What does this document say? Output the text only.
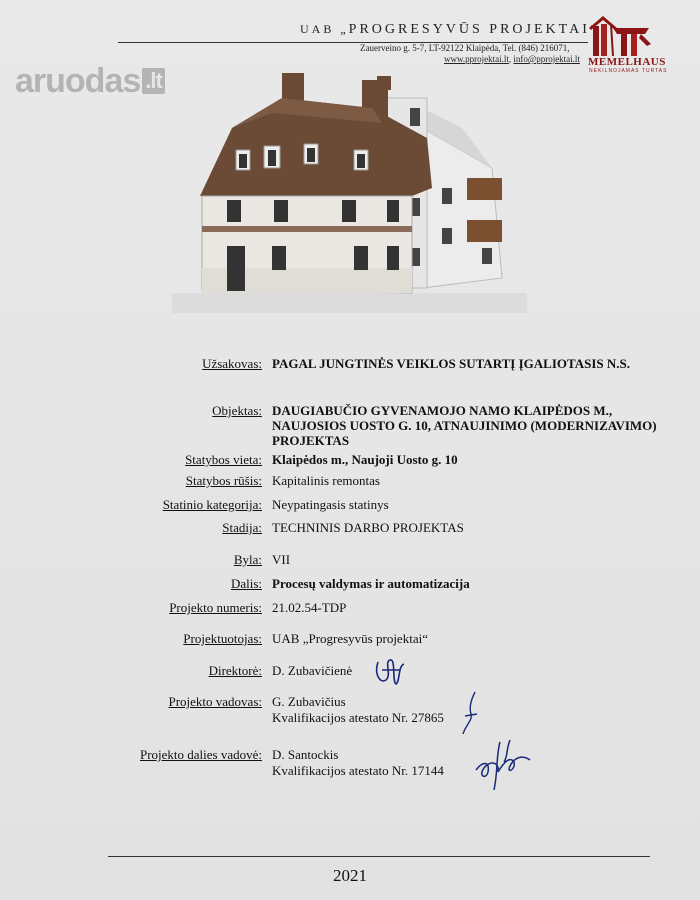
UAB „PROGRESYVŪS PROJEKTAI
Zauerveino g. 5-7, LT-92122 Klaipėda, Tel. (846) 216071,
www.pprojektai.lt, info@pprojektai.lt MEMELHAUS
NEKILNOJAMAS TURTAS
aruodas .lt
Užsakovas: PAGAL JUNGTINĖS VEIKLOS SUTARTĮ ĮGALIOTASIS N.S.
Objektas: DAUGIABUČIO GYVENAMOJO NAMO KLAIPĖDOS M., NAUJOSIOS UOSTO G. 10, ATNAUJINIMO (MODERNIZAVIMO) PROJEKTAS
Statybos vieta: Klaipėdos m., Naujoji Uosto g. 10
Statybos rūšis: Kapitalinis remontas
Statinio kategorija: Neypatingasis statinys
Stadija: TECHNINIS DARBO PROJEKTAS
Byla: VII
Dalis: Procesų valdymas ir automatizacija
Projekto numeris: 21.02.54-TDP
Projektuotojas: UAB „Progresyvūs projektai“
Direktorė: D. Zubavičienė
Projekto vadovas: G. Zubavičius
Kvalifikacijos atestato Nr. 27865
Projekto dalies vadovė: D. Santockis
Kvalifikacijos atestato Nr. 17144
2021
